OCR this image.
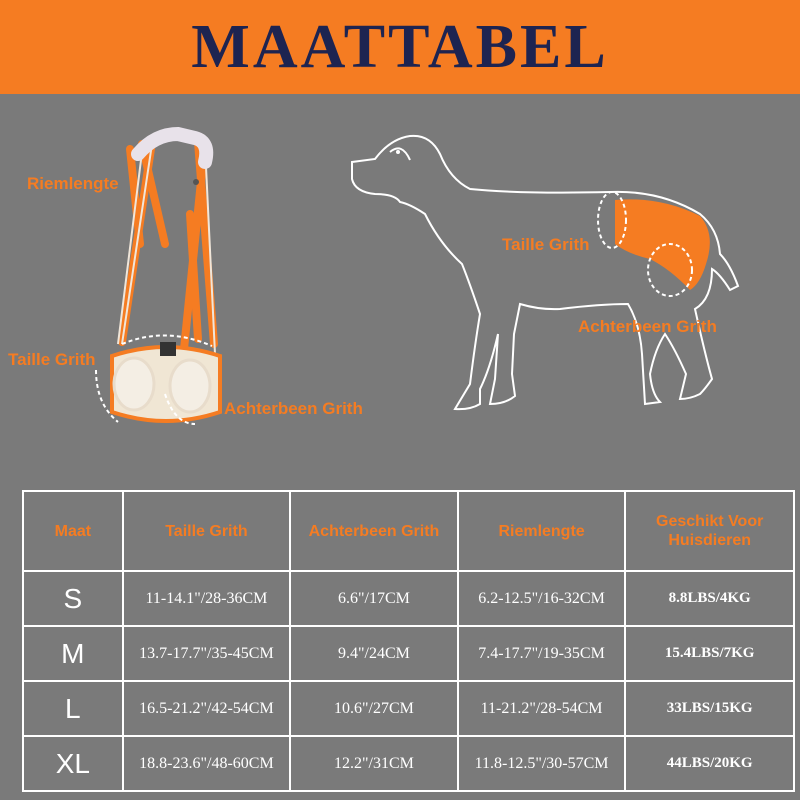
MAATTABEL
Riemlengte
Taille Grith
Achterbeen Grith
Taille Grith
Achterbeen Grith
Maat	Taille Grith	Achterbeen Grith	Riemlengte	Geschikt Voor Huisdieren
S	11-14.1"/28-36CM	6.6"/17CM	6.2-12.5"/16-32CM	8.8LBS/4KG
M	13.7-17.7"/35-45CM	9.4"/24CM	7.4-17.7"/19-35CM	15.4LBS/7KG
L	16.5-21.2"/42-54CM	10.6"/27CM	11-21.2"/28-54CM	33LBS/15KG
XL	18.8-23.6"/48-60CM	12.2"/31CM	11.8-12.5"/30-57CM	44LBS/20KG
